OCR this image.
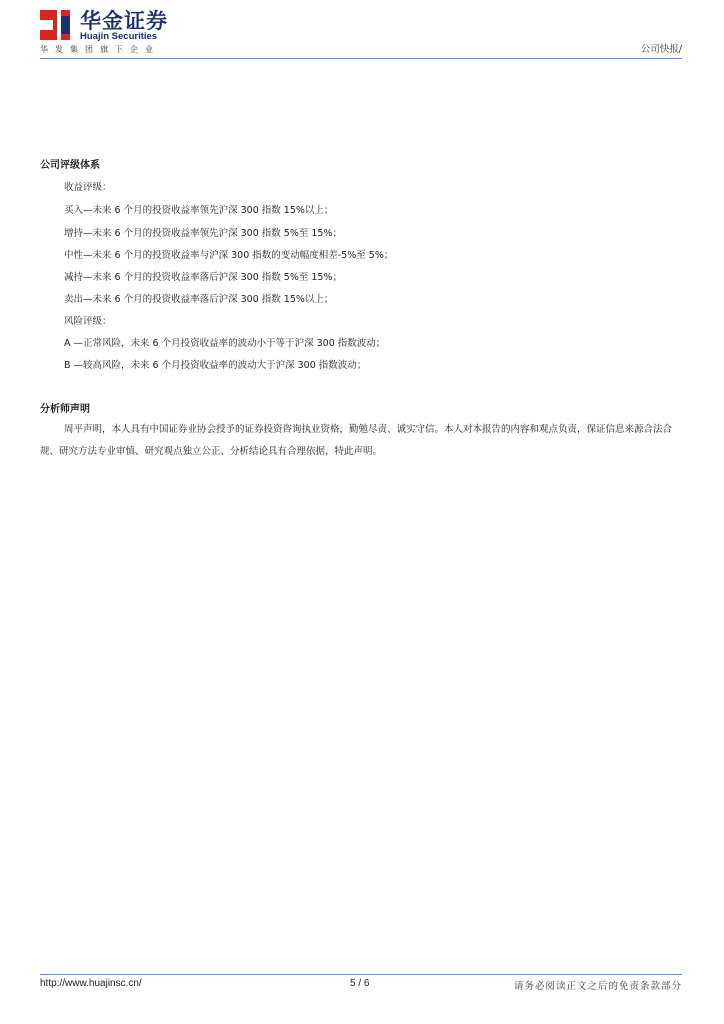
华金证券
Huajin Securities
华发集团旗下企业	公司快报/
公司评级体系
收益评级：
买入—未来 6 个月的投资收益率领先沪深 300 指数 15%以上；
增持—未来 6 个月的投资收益率领先沪深 300 指数 5%至 15%；
中性—未来 6 个月的投资收益率与沪深 300 指数的变动幅度相差-5%至 5%；
减持—未来 6 个月的投资收益率落后沪深 300 指数 5%至 15%；
卖出—未来 6 个月的投资收益率落后沪深 300 指数 15%以上；
风险评级：
A —正常风险，未来 6 个月投资收益率的波动小于等于沪深 300 指数波动；
B —较高风险，未来 6 个月投资收益率的波动大于沪深 300 指数波动；
分析师声明
周平声明，本人具有中国证券业协会授予的证券投资咨询执业资格，勤勉尽责、诚实守信。本人对本报告的内容和观点负责，保证信息来源合法合规、研究方法专业审慎、研究观点独立公正、分析结论具有合理依据，特此声明。
http://www.huajinsc.cn/	5 / 6	请务必阅读正文之后的免责条款部分
